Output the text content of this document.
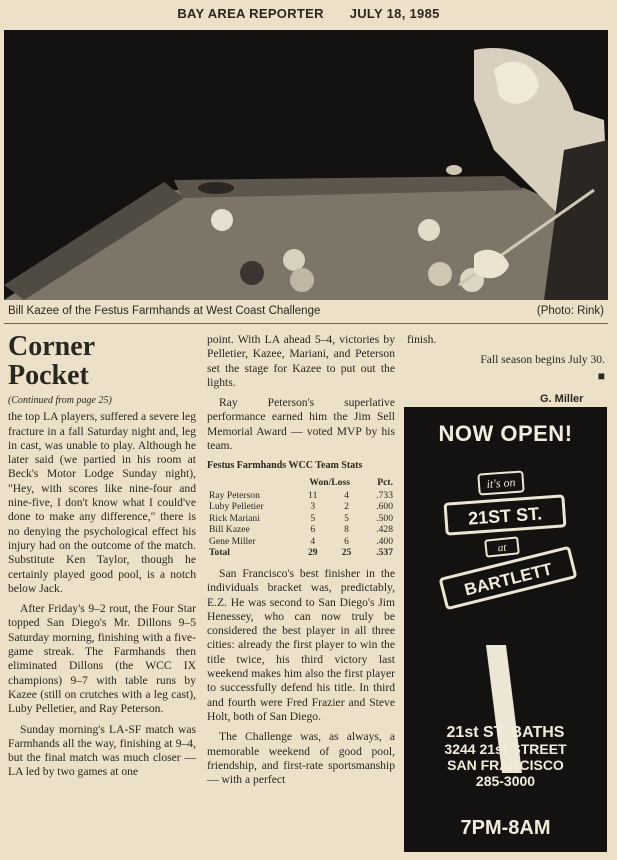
BAY AREA REPORTER JULY 18, 1985
Bill Kazee of the Festus Farmhands at West Coast Challenge	(Photo: Rink)
Corner
Pocket
(Continued from page 25)

the top LA players, suffered a severe leg fracture in a fall Saturday night and, leg in cast, was unable to play. Although he later said (we partied in his room at Beck's Motor Lodge Sunday night), "Hey, with scores like nine-four and nine-five, I don't know what I could've done to make any difference," there is no denying the psychological effect his injury had on the outcome of the match. Substitute Ken Taylor, though he certainly played good pool, is a notch below Jack.

After Friday's 9–2 rout, the Four Star topped San Diego's Mr. Dillons 9–5 Saturday morning, finishing with a five-game streak. The Farmhands then eliminated Dillons (the WCC IX champions) 9–7 with table runs by Kazee (still on crutches with a leg cast), Luby Pelletier, and Ray Peterson.

Sunday morning's LA-SF match was Farmhands all the way, finishing at 9–4, but the final match was much closer — LA led by two games at one

point. With LA ahead 5–4, victories by Pelletier, Kazee, Mariani, and Peterson set the stage for Kazee to put out the lights.

Ray Peterson's superlative performance earned him the Jim Sell Memorial Award — voted MVP by his team.

Festus Farmhands WCC Team Stats
	Won/Loss		Pct.
Ray Peterson	11	4	.733
Luby Pelletier	3	2	.600
Rick Mariani	5	5	.500
Bill Kazee	6	8	.428
Gene Miller	4	6	.400
Total	29	25	.537

San Francisco's best finisher in the individuals bracket was, predictably, E.Z. He was second to San Diego's Jim Henessey, who can now truly be considered the best player in all three cities: already the first player to win the title twice, his third victory last weekend makes him also the first player to successfully defend his title. In third and fourth were Fred Frazier and Steve Holt, both of San Diego.

The Challenge was, as always, a memorable weekend of good pool, friendship, and first-rate sportsmanship — with a perfect

finish.

Fall season begins July 30.

■
G. Miller
NOW OPEN!
it's on
21ST ST.
at
BARTLETT
21st ST. BATHS
3244 21st STREET
SAN FRANCISCO
285-3000
7PM-8AM
